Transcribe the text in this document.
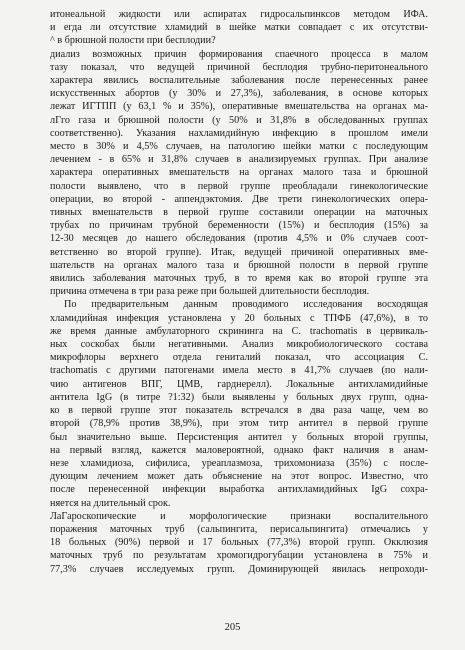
итонеальной жидкости или аспиратах гидросальпинксов методом ИФА.
и егда ли отсутствие хламидий в шейке матки совпадает с их отсутстви-
^ в брюшной полости при бесплодии?

диализ возможных причин формирования спаечного процесса в малом
тазу показал, что ведущей причиной бесплодия трубно-перитонеального
характера явились воспалительные заболевания после перенесенных ранее
искусственных абортов (у 30% и 27,3%), заболевания, в основе которых
лежат ИГТПП (у 63,1 % и 35%), оперативные вмешательства на органах ма-
лГго газа и брюшной полости (у 50% и 31,8% в обследованных группах
соответственно). Указания нахламидийную инфекцию в прошлом имели
место в 30% и 4,5% случаев, на патологию шейки матки с последующим
лечением - в 65% и 31,8% случаев в анализируемых группах. При анализе
характера оперативных вмешательств на органах малого таза и брюшной
полости выявлено, что в первой группе преобладали гинекологические
операции, во второй - аппендэктомия. Две трети гинекологических опера-
тивных вмешательств в первой группе составили операции на маточных
трубах по причинам трубной беременности (15%) и бесплодия (15%) за
12-30 месяцев до нашего обследования (против 4,5% и 0% случаев соот-
ветственно во второй группе). Итак, ведущей причиной оперативных вме-
шательств на органах малого таза и брюшной полости в первой группе
явились заболевания маточных труб, в то время как во второй группе эта
причина отмечена в три раза реже при большей длительности бесплодия.

По предварительным данным проводимого исследования восходящая
хламидийная инфекция установлена у 20 больных с ТПФБ (47,6%), в то
же время данные амбулаторного скрининга на С. trachomatis в цервикаль-
ных соскобах были негативными. Анализ микробиологического состава
микрофлоры верхнего отдела гениталий показал, что ассоциация С.
trachomatis с другими патогенами имела место в 41,7% случаев (по нали-
чию антигенов ВПГ, ЦМВ, гарднерелл). Локальные антихламидийные
антитела IgG (в титре ?1:32) были выявлены у больных двух групп, одна-
ко в первой группе этот показатель встречался в два раза чаще, чем во
второй (78,9% против 38,9%), при этом титр антител в первой группе
был значительно выше. Персистенция антител у больных второй группы,
на первый взгляд, кажется маловероятной, однако факт наличия в анам-
незе хламидиоза, сифилиса, уреаплазмоза, трихомониаза (35%) с после-
дующим лечением может дать объяснение на этот вопрос. Известно, что
после перенесенной инфекции выработка антихламидийных IgG сохра-
няется на длительный срок.

ЛаГароскопические и морфологические признаки воспалительного
поражения маточных труб (сальпингита, перисальпингита) отмечались у
18 больных (90%) первой и 17 больных (77,3%) второй групп. Окклюзия
маточных труб по результатам хромогидрогубации установлена в 75% и
77,3% случаев исследуемых групп. Доминирующей явилась непроходи-

205
